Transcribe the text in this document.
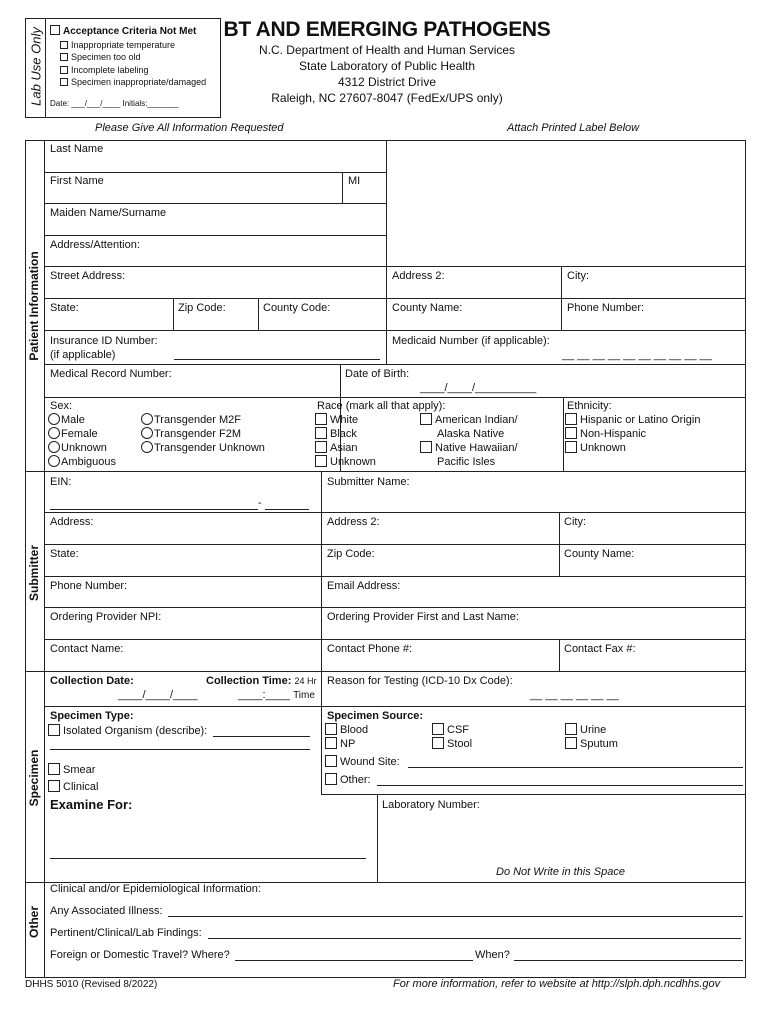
Lab Use Only	Acceptance Criteria Not Met
Inappropriate temperature
Specimen too old
Incomplete labeling
Specimen inappropriate/damaged
Date: ___/___/____ Initials:_______
BT AND EMERGING PATHOGENS
N.C. Department of Health and Human Services
State Laboratory of Public Health
4312 District Drive
Raleigh, NC 27607-8047 (FedEx/UPS only)
Please Give All Information Requested	Attach Printed Label Below
Patient Information
Submitter
Specimen
Other
Last Name
First Name	MI
Maiden Name/Surname
Address/Attention:
Street Address:	Address 2:	City:
State:	Zip Code:	County Code:	County Name:	Phone Number:
Insurance ID Number:
(if applicable)
Medicaid Number (if applicable):
__ __ __ __ __ __ __ __ __ __
Medical Record Number:	Date of Birth:
____/____/__________
Sex:
Male
Female
Unknown
Ambiguous
Transgender M2F
Transgender F2M
Transgender Unknown
Race (mark all that apply):
White
Black
Asian
Unknown
American Indian/
Alaska Native
Native Hawaiian/
Pacific Isles
Ethnicity:
Hispanic or Latino Origin
Non-Hispanic
Unknown
EIN:
-
Submitter Name:
Address:	Address 2:	City:
State:	Zip Code:	County Name:
Phone Number:	Email Address:
Ordering Provider NPI:	Ordering Provider First and Last Name:
Contact Name:	Contact Phone #:	Contact Fax #:
Collection Date:
____/____/____
Collection Time: 24 Hr
____:____ Time
Reason for Testing (ICD-10 Dx Code):
__ __ __ __ __ __
Specimen Type:
Isolated Organism (describe):
Smear
Clinical
Specimen Source:
Blood
NP
CSF
Stool
Urine
Sputum
Wound Site:
Other:
Examine For:	Laboratory Number:
Do Not Write in this Space
Clinical and/or Epidemiological Information:
Any Associated Illness:
Pertinent/Clinical/Lab Findings:
Foreign or Domestic Travel? Where?	When?
DHHS 5010 (Revised 8/2022)	For more information, refer to website at http://slph.dph.ncdhhs.gov
